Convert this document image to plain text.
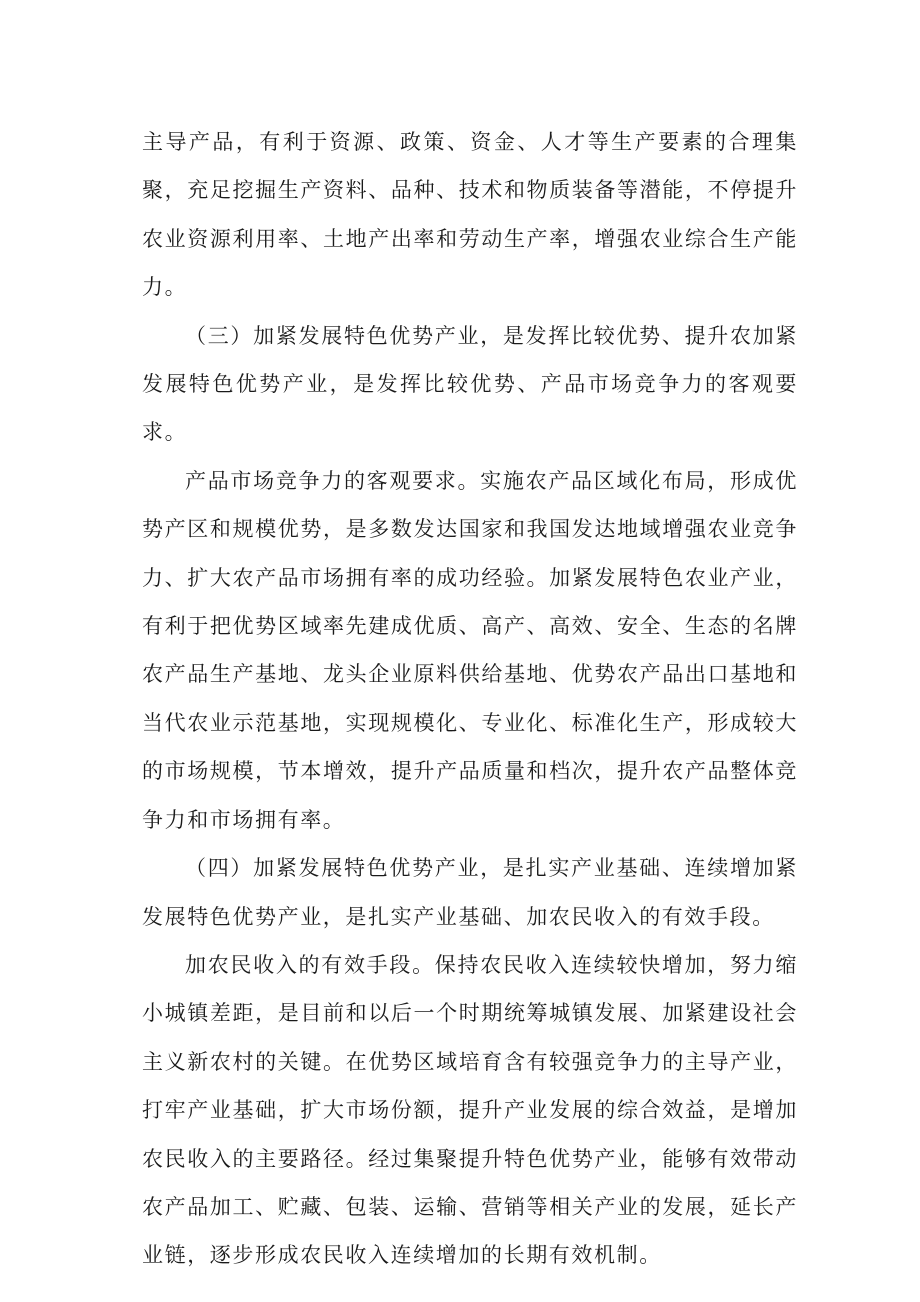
主导产品，有利于资源、政策、资金、人才等生产要素的合理集聚，充足挖掘生产资料、品种、技术和物质装备等潜能，不停提升农业资源利用率、土地产出率和劳动生产率，增强农业综合生产能力。

（三）加紧发展特色优势产业，是发挥比较优势、提升农加紧发展特色优势产业，是发挥比较优势、产品市场竞争力的客观要求。

产品市场竞争力的客观要求。实施农产品区域化布局，形成优势产区和规模优势，是多数发达国家和我国发达地域增强农业竞争力、扩大农产品市场拥有率的成功经验。加紧发展特色农业产业，有利于把优势区域率先建成优质、高产、高效、安全、生态的名牌农产品生产基地、龙头企业原料供给基地、优势农产品出口基地和当代农业示范基地，实现规模化、专业化、标准化生产，形成较大的市场规模，节本增效，提升产品质量和档次，提升农产品整体竞争力和市场拥有率。

（四）加紧发展特色优势产业，是扎实产业基础、连续增加紧发展特色优势产业，是扎实产业基础、加农民收入的有效手段。

加农民收入的有效手段。保持农民收入连续较快增加，努力缩小城镇差距，是目前和以后一个时期统筹城镇发展、加紧建设社会主义新农村的关键。在优势区域培育含有较强竞争力的主导产业，打牢产业基础，扩大市场份额，提升产业发展的综合效益，是增加农民收入的主要路径。经过集聚提升特色优势产业，能够有效带动农产品加工、贮藏、包装、运输、营销等相关产业的发展，延长产业链，逐步形成农民收入连续增加的长期有效机制。
